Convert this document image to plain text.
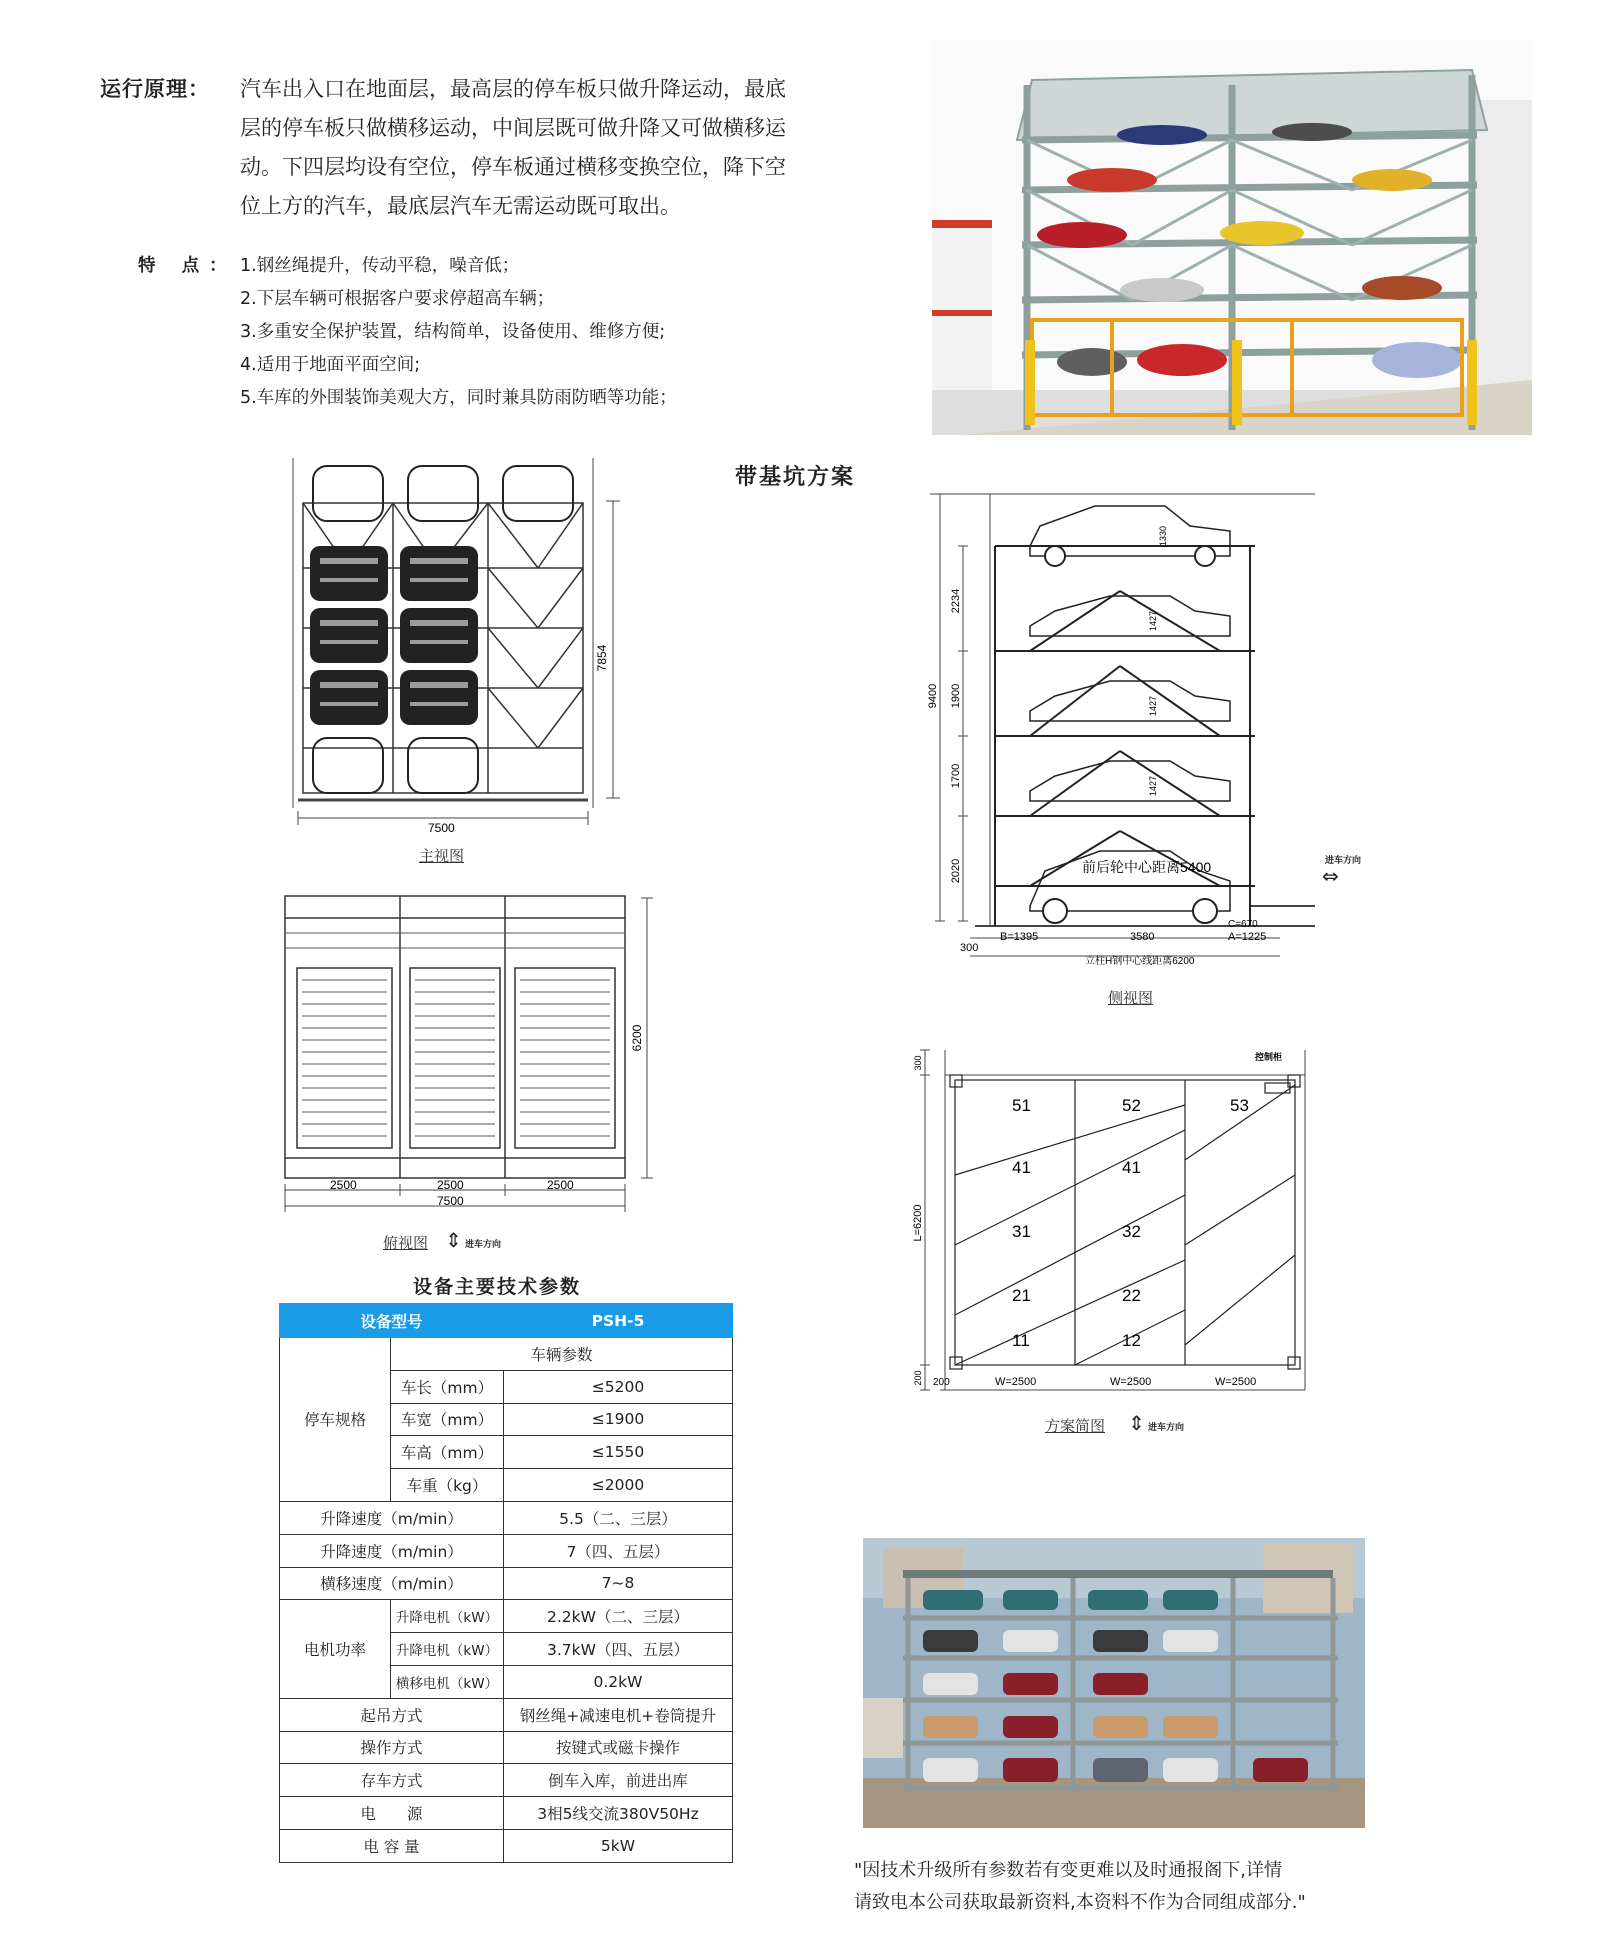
运行原理： 汽车出入口在地面层，最高层的停车板只做升降运动，最底
层的停车板只做横移运动，中间层既可做升降又可做横移运
动。下四层均设有空位，停车板通过横移变换空位，降下空
位上方的汽车，最底层汽车无需运动既可取出。
特 点： 1.钢丝绳提升，传动平稳，噪音低；
2.下层车辆可根据客户要求停超高车辆；
3.多重安全保护装置，结构简单，设备使用、维修方便;
4.适用于地面平面空间;
5.车库的外围装饰美观大方，同时兼具防雨防晒等功能；
带基坑方案
7500
7854
主视图
6200
2500	2500	2500
7500
俯视图 ⇕ 进车方向
9400
2234
1900
1700
2020
1330
1427
1427
1427
前后轮中心距离5400
300
B=1395	3580
C=670
A=1225
立柱H钢中心线距离6200
进车方向
⇔
侧视图
300
L=6200
200 200	W=2500	W=2500	W=2500
控制柜
51	52	53
41	41
31	32
21	22
11	12
方案简图 ⇕ 进车方向
设备主要技术参数
设备型号		PSH-5
停车规格	车辆参数	
	车长（mm）	≤5200
	车宽（mm）	≤1900
	车高（mm）	≤1550
	车重（kg）	≤2000
升降速度（m/min）		5.5（二、三层）
升降速度（m/min）		7（四、五层）
横移速度（m/min）		7~8
电机功率	升降电机（kW）	2.2kW（二、三层）
	升降电机（kW）	3.7kW（四、五层）
	横移电机（kW）	0.2kW
起吊方式		钢丝绳+减速电机+卷筒提升
操作方式		按键式或磁卡操作
存车方式		倒车入库，前进出库
电　　源		3相5线交流380V50Hz
电 容 量		5kW
"因技术升级所有参数若有变更难以及时通报阁下,详情
请致电本公司获取最新资料,本资料不作为合同组成部分."
